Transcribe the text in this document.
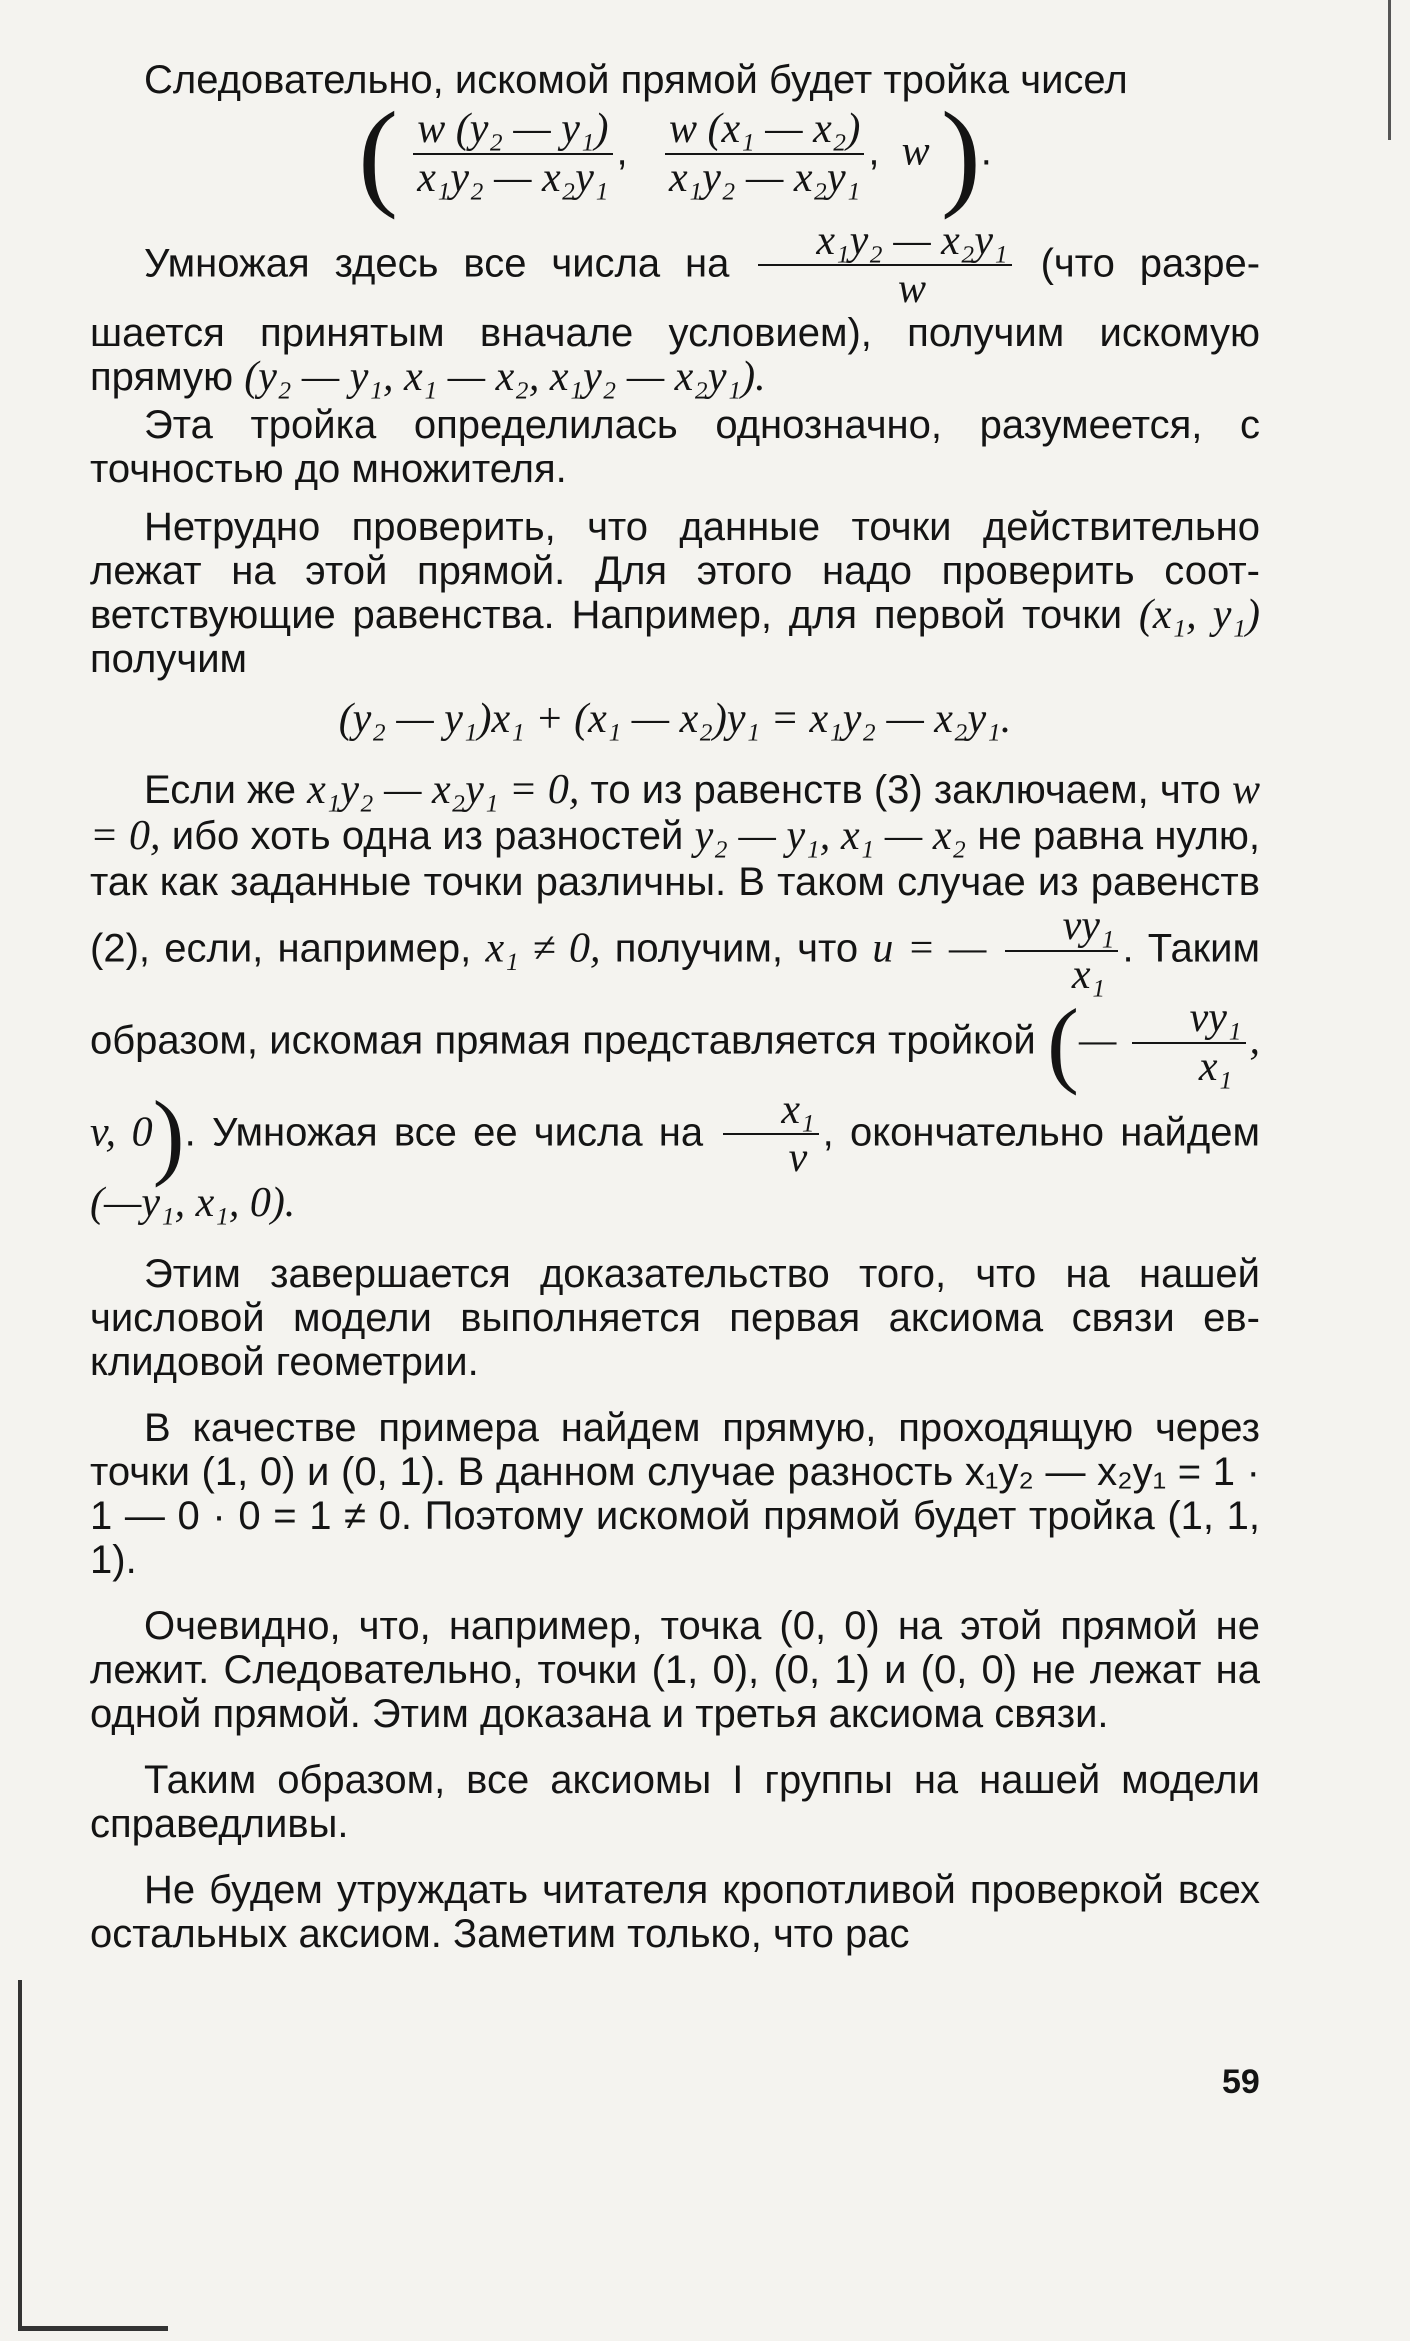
Следовательно, искомой прямой будет тройка чисел

( $\frac{\text{w (y₂ — y₁)}}{\text{x₁y₂ — x₂y₁}}$ , $\frac{\text{w (x₁ — x₂)}}{\text{x₁y₂ — x₂y₁}}$ ,  w ).

Умножая здесь все числа на $\frac{\text{x₁y₂ — x₂y₁}}{w} (что$ разрешается принятым вначале условием), получим искомую прямую (y₂ — y₁, x₁ — x₂, x₁y₂ — x₂y₁).

Эта тройка определилась однозначно, разумеется, с точностью до множителя.

Нетрудно проверить, что данные точки действительно лежат на этой прямой. Для этого надо проверить соответствующие равенства. Например, для первой точки (x₁, y₁) получим

(y₂ — y₁)x₁ + (x₁ — x₂)y₁ = x₁y₂ — x₂y₁.

Если же x₁y₂ — x₂y₁ = 0, то из равенств (3) заключаем, что w = 0, ибо хоть одна из разностей y₂ — y₁, x₁ — x₂ не равна нулю, так как заданные точки различны. В таком случае из равенств (2), если, например, x₁ ≠ 0, получим, что u = — $\frac{\text{vy₁}}{\text{x₁}}$ . Таким образом, искомая прямая представляется тройкой (— $\frac{\text{vy₁}}{\text{x₁}}$ , v, 0). Умножая все ее числа на $\frac{\text{x₁}}{v}$ , окончательно найдем (—y₁, x₁, 0).

Этим завершается доказательство того, что на нашей числовой модели выполняется первая аксиома связи евклидовой геометрии.

В качестве примера найдем прямую, проходящую через точки (1, 0) и (0, 1). В данном случае разность x₁y₂ — x₂y₁ = 1 · 1 — 0 · 0 = 1 ≠ 0. Поэтому искомой прямой будет тройка (1, 1, 1).

Очевидно, что, например, точка (0, 0) на этой прямой не лежит. Следовательно, точки (1, 0), (0, 1) и (0, 0) не лежат на одной прямой. Этим доказана и третья аксиома связи.

Таким образом, все аксиомы I группы на нашей модели справедливы.

Не будем утруждать читателя кропотливой проверкой всех остальных аксиом. Заметим только, что рас

59
